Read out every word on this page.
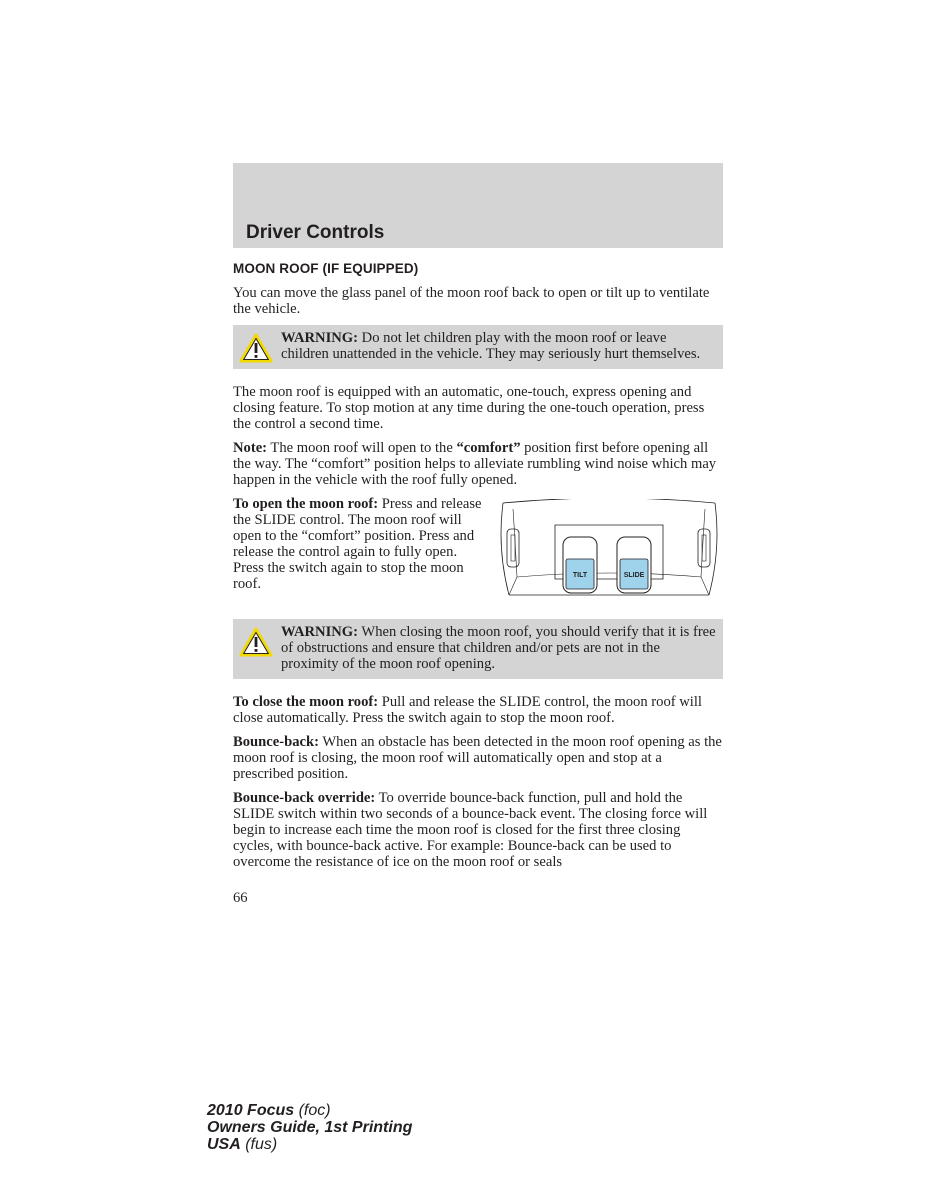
Driver Controls
MOON ROOF (IF EQUIPPED)

You can move the glass panel of the moon roof back to open or tilt up to ventilate the vehicle.

WARNING: Do not let children play with the moon roof or leave children unattended in the vehicle. They may seriously hurt themselves.

The moon roof is equipped with an automatic, one-touch, express opening and closing feature. To stop motion at any time during the one-touch operation, press the control a second time.

Note: The moon roof will open to the “comfort” position first before opening all the way. The “comfort” position helps to alleviate rumbling wind noise which may happen in the vehicle with the roof fully opened.

To open the moon roof: Press and release the SLIDE control. The moon roof will open to the “comfort” position. Press and release the control again to fully open. Press the switch again to stop the moon roof.
TILT	SLIDE
WARNING: When closing the moon roof, you should verify that it is free of obstructions and ensure that children and/or pets are not in the proximity of the moon roof opening.

To close the moon roof: Pull and release the SLIDE control, the moon roof will close automatically. Press the switch again to stop the moon roof.

Bounce-back: When an obstacle has been detected in the moon roof opening as the moon roof is closing, the moon roof will automatically open and stop at a prescribed position.

Bounce-back override: To override bounce-back function, pull and hold the SLIDE switch within two seconds of a bounce-back event. The closing force will begin to increase each time the moon roof is closed for the first three closing cycles, with bounce-back active. For example: Bounce-back can be used to overcome the resistance of ice on the moon roof or seals

66
2010 Focus (foc)
Owners Guide, 1st Printing
USA (fus)
